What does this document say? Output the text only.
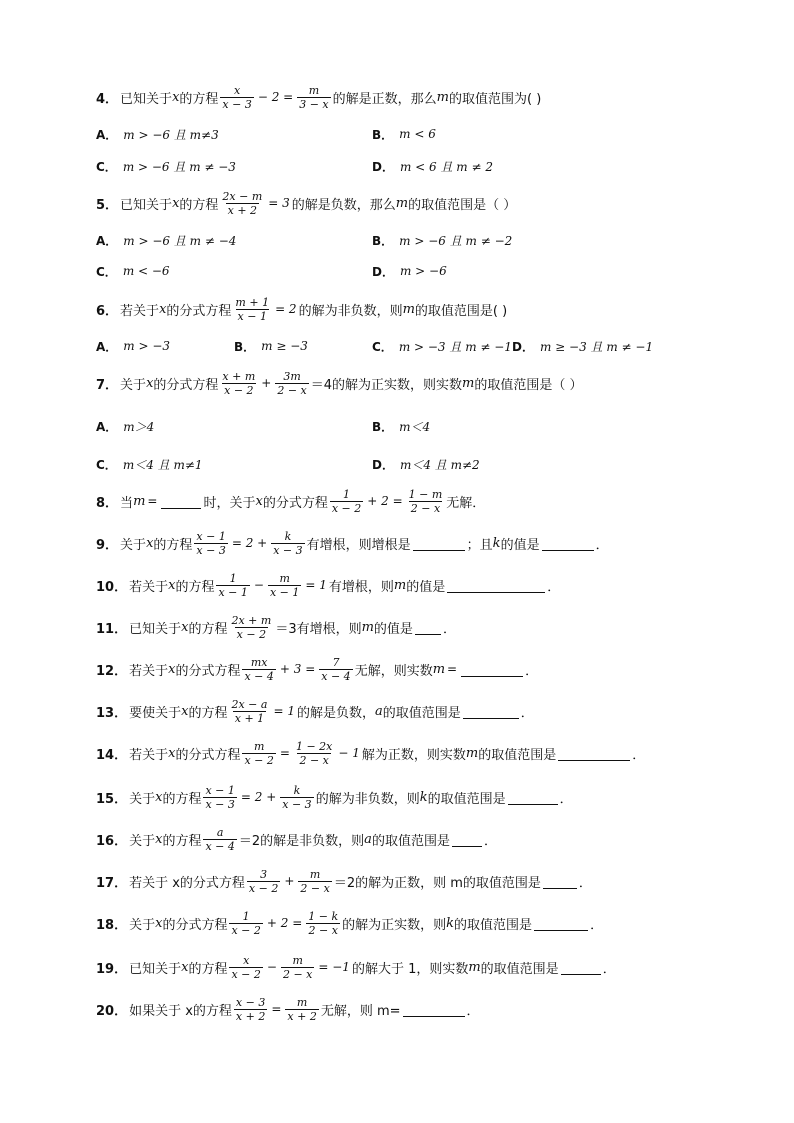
4． 已知关于 x 的方程 $\frac{x}{x - 3} - 2 = \frac{m}{3 - x}$ 的解是正数，那么 m 的取值范围为( )
A． m > −6 且 m≠3	B． m < 6
C． m > −6 且 m ≠ −3	D． m < 6 且 m ≠ 2
5． 已知关于 x 的方程 $\frac{2x - m}{x + 2} = 3$ 的解是负数，那么 m 的取值范围是（ ）
A． m > −6 且 m ≠ −4	B． m > −6 且 m ≠ −2
C． m < −6	D． m > −6
6． 若关于 x 的分式方程 $\frac{m + 1}{x - 1} = 2$ 的解为非负数，则 m 的取值范围是( )
A． m > −3	B． m ≥ −3	C． m > −3 且 m ≠ −1 D． m ≥ −3 且 m ≠ −1
7． 关于 x 的分式方程 $\frac{x + m}{x - 2} + \frac{3m}{2 - x} =4$的解为正实数，则实数 m 的取值范围是（ ）
A． m＞4	B． m＜4
C． m＜4 且 m≠1	D． m＜4 且 m≠2
8． 当 m =	时，关于 x 的分式方程 $\frac{1}{x - 2} + 2 = \frac{1 - m}{2 - x}$ 无解．
9． 关于 x 的方程 $\frac{x - 1}{x - 3} = 2 + \frac{k}{x - 3}$ 有增根，则增根是	；且 k 的值是	．
10． 若关于 x 的方程 $\frac{1}{x - 1} - \frac{m}{x - 1} = 1$ 有增根，则 m 的值是	．
11． 已知关于 x 的方程 $\frac{2x + m}{x - 2} =3$有增根，则 m 的值是 ．
12． 若关于 x 的分式方程 $\frac{mx}{x - 4} + 3 = \frac{7}{x - 4}$ 无解，则实数 m =	．
13． 要使关于 x 的方程 $\frac{2x - a}{x + 1} = 1$ 的解是负数， a 的取值范围是	．
14． 若关于 x 的分式方程 $\frac{m}{x - 2} = \frac{1 - 2x}{2 - x} - 1$ 解为正数，则实数 m 的取值范围是	．
15． 关于 x 的方程 $\frac{x - 1}{x - 3} = 2 + \frac{k}{x - 3}$ 的解为非负数，则 k 的取值范围是	．
16． 关于 x 的方程 $\frac{a}{x - 4} =2$的解是非负数，则 a 的取值范围是	．
17． 若关于 x的分式方程 $\frac{3}{x - 2} + \frac{m}{2 - x} =2$的解为正数，则 m的取值范围是	．
18． 关于 x 的分式方程 $\frac{1}{x - 2} + 2 = \frac{1 - k}{2 - x}$ 的解为正实数，则 k 的取值范围是	．
19． 已知关于 x 的方程 $\frac{x}{x - 2} - \frac{m}{2 - x} = -1$ 的解大于 1，则实数 m 的取值范围是	．
20． 如果关于 x的方程 $\frac{x - 3}{x + 2} = \frac{m}{x + 2}$ 无解，则 m=	．
